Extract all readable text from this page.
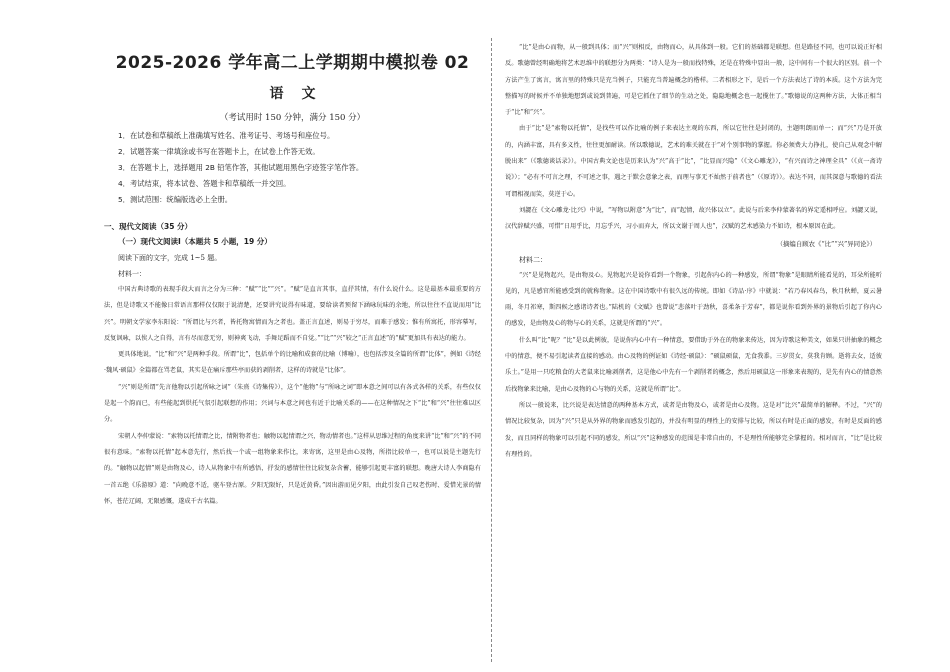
2025-2026 学年高二上学期期中模拟卷 02
语文
（考试用时 150 分钟，满分 150 分）
1．在试卷和草稿纸上准确填写姓名、准考证号、考场号和座位号。
2．试题答案一律填涂或书写在答题卡上，在试卷上作答无效。
3．在答题卡上，选择题用 2B 铅笔作答，其他试题用黑色字迹签字笔作答。
4．考试结束，将本试卷、答题卡和草稿纸一并交回。
5．测试范围：统编版选必上全册。
一、现代文阅读（35 分）
（一）现代文阅读Ⅰ（本题共 5 小题，19 分）
阅读下面的文字，完成 1~5 题。
材料一：

中国古典诗歌的表现手段大而言之分为三种：“赋”“比”“兴”。“赋”是直言其事，直抒其情，有什么说什么。这是最基本最重要的方法，但是诗歌又不能像日常语言那样仅仅限于说清楚，还要讲究说得有味道，要给读者预留下涵咏玩味的余地，所以往往不直说而用“比兴”。明朝文学家李东阳说：“所谓比与兴者，皆托物寓情而为之者也。盖正言直述，则易于穷尽，而难于感发；惟有所寓托，形容摹写，反复讽咏，以俟人之自得，言有尽而意无穷，则神爽飞动，手舞足蹈而不自觉。”“比”“兴”较之“正言直述”的“赋”更加具有表达的能力。

更具体地说，“比”和“兴”是两种手段。所谓“比”，包括单个的比喻和成套的比喻（博喻），也包括涉及全篇的所谓“比体”，例如《诗经·魏风·硕鼠》全篇都在骂老鼠，其实是在痛斥那些亭而获的剥削者，这样的诗就是“比体”。

“兴”则是所谓“先言他物以引起所咏之词”（朱熹《诗集传》），这个“他物”与“所咏之词”即本意之间可以有各式各样的关系，有些仅仅是起一个韵而已，有些能起到烘托气氛引起联想的作用；兴词与本意之间也有近于比喻关系的——在这种情况之下“比”和“兴”往往难以区分。

宋朝人李仲蒙说：“索物以托情谓之比，情附物者也；触物以起情谓之兴，物动情者也。”这样从思维过程的角度来讲“比”和“兴”的不同很有意味。“索物以托情”起本意先行，然后找一个或一组物象来作比，来寄寓，这里是由心及物，所指比较单一，也可以说是主题先行的。“触物以起情”则是由物及心，诗人从物象中有所感悟，抒发的感情往往比较复杂含蓄，能够引起更丰富的联想。晚唐大诗人李商隐有一首五绝《乐游原》道：“向晚意不适，驱车登古原。夕阳无限好，只是近黄昏。”因出游而见夕阳，由此引发自己叹老伤时、爱惜光景的情怀，苍茫辽阔，无限感慨，遂成千古名篇。

“比”是由心而物，从一般到具体；而“兴”则相反，由物而心，从具体到一般。它们的基础都是联想。但是路径不同，也可以说正好相反。歌德曾经明确地将艺术思维中的联想分为两类：“诗人是为一般而找特殊，还是在特殊中显出一般，这中间有一个很大的区别。前一个方法产生了寓言，寓言里的特殊只是充当例子，只能充当普遍概念的楷样。二者相形之下，是后一个方法表达了诗的本质。这个方法为完整描写的时候并不单独地想到或说到普遍，可是它抓住了细节的生动之处，隐隐地概念也一起揽住了。”歌德说的这两种方法，大体正相当于“比”和“兴”。

由于“比”是“索物以托情”，是找些可以作比喻的例子来表达主观的东西，所以它往往是封闭的，主题明朗而单一；而“兴”乃是开放的，内涵丰富，具有多义性，往往更加耐读。所以歌德说，艺术的难关就在于“对个别事物的掌握。你必须费大力挣扎，使自己从观念中解脱出来”（《歌德谈话录》）。中国古典文论也是历来认为“兴”高于“比”，“比显而兴隐”（《文心雕龙》），“有兴而诗之神理全具”（《贞一斋诗说》）；“必有不可言之理，不可述之事，遇之于默会意象之表，而理与事无不灿然于前者也”（《原诗》）。表达不同，而其深意与歌德的看法可谓相视而笑，莫逆于心。

刘勰在《文心雕龙·比兴》中说，“写物以附意”为“比”，而“起情，故兴体以立”。此说与后来李仲蒙著名的界定遥相呼应。刘勰又说，汉代辞赋兴盛，可惜“日用乎比，月忘乎兴，习小而弃大，所以文谢于周人也”，汉赋的艺术感染力不如诗，根本原因在此。

（摘编自顾农《“比”“兴”异同论》）
材料二：

“兴”是见物起兴，是由物及心。见物起兴是说你看到一个物象，引起你内心的一种感发，所谓“物象”是眼睛所能看见的，耳朵所能听见的，凡是感官所能感受到的就称物象。这在中国诗歌中有很久远的传统。即如《诗品·序》中就说：“若乃春风春鸟，秋月秋蝉，夏云暑雨，冬月祁寒，斯四候之感诸诗者也。”陆机的《文赋》也曾说“悲落叶于劲秋，喜柔条于芳春”，都是说你看到外界的景物后引起了你内心的感发，是由物及心的物与心的关系，这就是所谓的“兴”。

什么叫“比”呢？“比”是以此例彼，是说你内心中有一种情意，要借助于外在的物象来传达，因为诗歌这种美文，如果只讲抽象的概念中的情意，便不易引起读者直接的感动。由心及物的例证如《诗经·硕鼠》：“硕鼠硕鼠，无食我黍。三岁贯女，莫我肯顾。逝将去女，适彼乐土。”是用一只吃粮食的大老鼠来比喻剥削者，这是他心中先有一个剥削者的概念，然后用硕鼠这一形象来表现的，是先有内心的情意然后找物象来比喻，是由心及物的心与物的关系，这就是所谓“比”。

所以一般说来，比兴说是表达情意的两种基本方式，或者是由物及心，或者是由心及物。这是对“比兴”最简单的解释。不过，“兴”的情况比较复杂，因为“兴”只是从外界的物象而感发引起的，并没有明显的理性上的安排与比较，所以有时是正面的感发，有时是反面的感发，而且同样的物象可以引起不同的感发，所以“兴”这种感发的范围是非常自由的，不是理性所能够完全掌握的。相对而言，“比”是比较有理性的。
